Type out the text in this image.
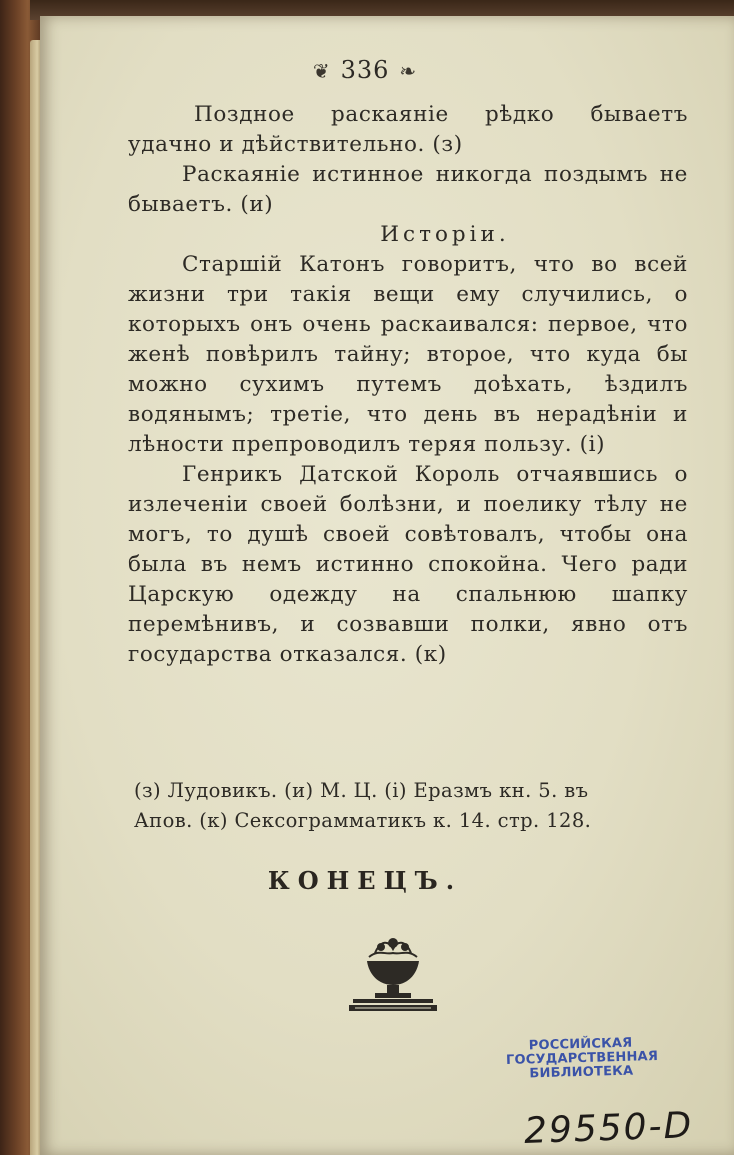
❦ 336 ❧

Позднoе раскаянie рѣдко бываетъ удачно и дѣйствительно. (з)

Раскаянie истинное никогда поздымъ не бываетъ. (и)

Исторiи.

Старшiй Катонъ говоритъ, что во всей жизни три такiя вещи ему случились, о которыхъ онъ очень раскаивался: первое, что женѣ повѣрилъ тайну; второе, что куда бы можно сухимъ путемъ доѣхать, ѣздилъ водянымъ; третiе, что день въ нерадѣнiи и лѣности препроводилъ теряя пользу. (i)

Генрикъ Датской Король отчаявшись о излеченiи своей болѣзни, и поелику тѣлу не могъ, то душѣ своей совѣтовалъ, чтобы она была въ немъ истинно спокойна. Чего ради Царскую одежду на спальнюю шапку перемѣнивъ, и созвавши полки, явно отъ государства отказался. (к)

(з) Лудовикъ. (и) М. Ц. (i) Еразмъ кн. 5. въ

Апов. (к) Сексограмматикъ к. 14. стр. 128.

КОНЕЦЪ.
РОССИЙСКАЯ
ГОСУДАРСТВЕННАЯ
БИБЛИОТЕКА
29550-D
